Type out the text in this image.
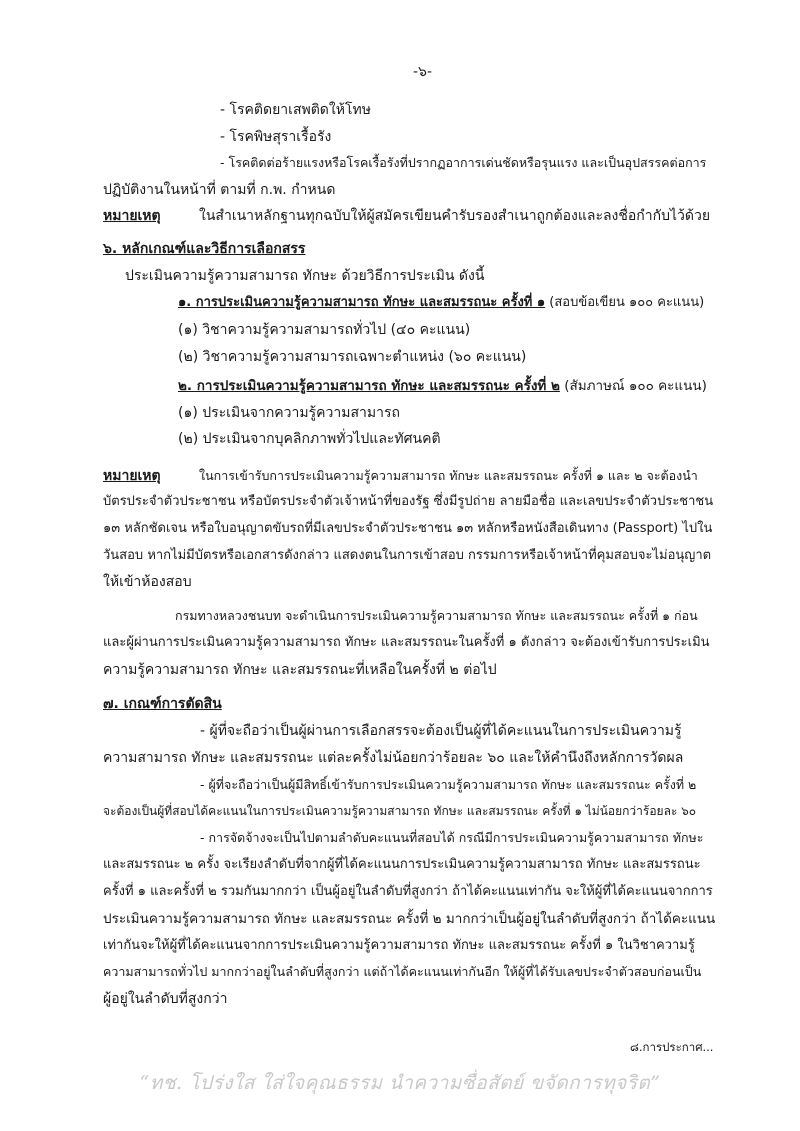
-๖-
- โรคติดยาเสพติดให้โทษ
- โรคพิษสุราเรื้อรัง
- โรคติดต่อร้ายแรงหรือโรคเรื้อรังที่ปรากฏอาการเด่นชัดหรือรุนแรง และเป็นอุปสรรคต่อการ
ปฏิบัติงานในหน้าที่ ตามที่ ก.พ. กำหนด
หมายเหตุ	ในสำเนาหลักฐานทุกฉบับให้ผู้สมัครเขียนคำรับรองสำเนาถูกต้องและลงชื่อกำกับไว้ด้วย
๖. หลักเกณฑ์และวิธีการเลือกสรร
ประเมินความรู้ความสามารถ ทักษะ ด้วยวิธีการประเมิน ดังนี้
๑. การประเมินความรู้ความสามารถ ทักษะ และสมรรถนะ ครั้งที่ ๑ (สอบข้อเขียน ๑๐๐ คะแนน)
(๑) วิชาความรู้ความสามารถทั่วไป (๔๐ คะแนน)
(๒) วิชาความรู้ความสามารถเฉพาะตำแหน่ง (๖๐ คะแนน)
๒. การประเมินความรู้ความสามารถ ทักษะ และสมรรถนะ ครั้งที่ ๒ (สัมภาษณ์ ๑๐๐ คะแนน)
(๑) ประเมินจากความรู้ความสามารถ
(๒) ประเมินจากบุคลิกภาพทั่วไปและทัศนคติ
หมายเหตุ	ในการเข้ารับการประเมินความรู้ความสามารถ ทักษะ และสมรรถนะ ครั้งที่ ๑ และ ๒ จะต้องนำ
บัตรประจำตัวประชาชน หรือบัตรประจำตัวเจ้าหน้าที่ของรัฐ ซึ่งมีรูปถ่าย ลายมือชื่อ และเลขประจำตัวประชาชน
๑๓ หลักชัดเจน หรือใบอนุญาตขับรถที่มีเลขประจำตัวประชาชน ๑๓ หลักหรือหนังสือเดินทาง (Passport) ไปใน
วันสอบ หากไม่มีบัตรหรือเอกสารดังกล่าว แสดงตนในการเข้าสอบ กรรมการหรือเจ้าหน้าที่คุมสอบจะไม่อนุญาต
ให้เข้าห้องสอบ
กรมทางหลวงชนบท จะดำเนินการประเมินความรู้ความสามารถ ทักษะ และสมรรถนะ ครั้งที่ ๑ ก่อน
และผู้ผ่านการประเมินความรู้ความสามารถ ทักษะ และสมรรถนะในครั้งที่ ๑ ดังกล่าว จะต้องเข้ารับการประเมิน
ความรู้ความสามารถ ทักษะ และสมรรถนะที่เหลือในครั้งที่ ๒ ต่อไป
๗. เกณฑ์การตัดสิน
- ผู้ที่จะถือว่าเป็นผู้ผ่านการเลือกสรรจะต้องเป็นผู้ที่ได้คะแนนในการประเมินความรู้
ความสามารถ ทักษะ และสมรรถนะ แต่ละครั้งไม่น้อยกว่าร้อยละ ๖๐ และให้คำนึงถึงหลักการวัดผล
- ผู้ที่จะถือว่าเป็นผู้มีสิทธิ์เข้ารับการประเมินความรู้ความสามารถ ทักษะ และสมรรถนะ ครั้งที่ ๒
จะต้องเป็นผู้ที่สอบได้คะแนนในการประเมินความรู้ความสามารถ ทักษะ และสมรรถนะ ครั้งที่ ๑ ไม่น้อยกว่าร้อยละ ๖๐
- การจัดจ้างจะเป็นไปตามลำดับคะแนนที่สอบได้ กรณีมีการประเมินความรู้ความสามารถ ทักษะ
และสมรรถนะ ๒ ครั้ง จะเรียงลำดับที่จากผู้ที่ได้คะแนนการประเมินความรู้ความสามารถ ทักษะ และสมรรถนะ
ครั้งที่ ๑ และครั้งที่ ๒ รวมกันมากกว่า เป็นผู้อยู่ในลำดับที่สูงกว่า ถ้าได้คะแนนเท่ากัน จะให้ผู้ที่ได้คะแนนจากการ
ประเมินความรู้ความสามารถ ทักษะ และสมรรถนะ ครั้งที่ ๒ มากกว่าเป็นผู้อยู่ในลำดับที่สูงกว่า ถ้าได้คะแนน
เท่ากันจะให้ผู้ที่ได้คะแนนจากการประเมินความรู้ความสามารถ ทักษะ และสมรรถนะ ครั้งที่ ๑ ในวิชาความรู้
ความสามารถทั่วไป มากกว่าอยู่ในลำดับที่สูงกว่า แต่ถ้าได้คะแนนเท่ากันอีก ให้ผู้ที่ได้รับเลขประจำตัวสอบก่อนเป็น
ผู้อยู่ในลำดับที่สูงกว่า
๘.การประกาศ...
“ทช. โปร่งใส ใส่ใจคุณธรรม นำความซื่อสัตย์ ขจัดการทุจริต”
